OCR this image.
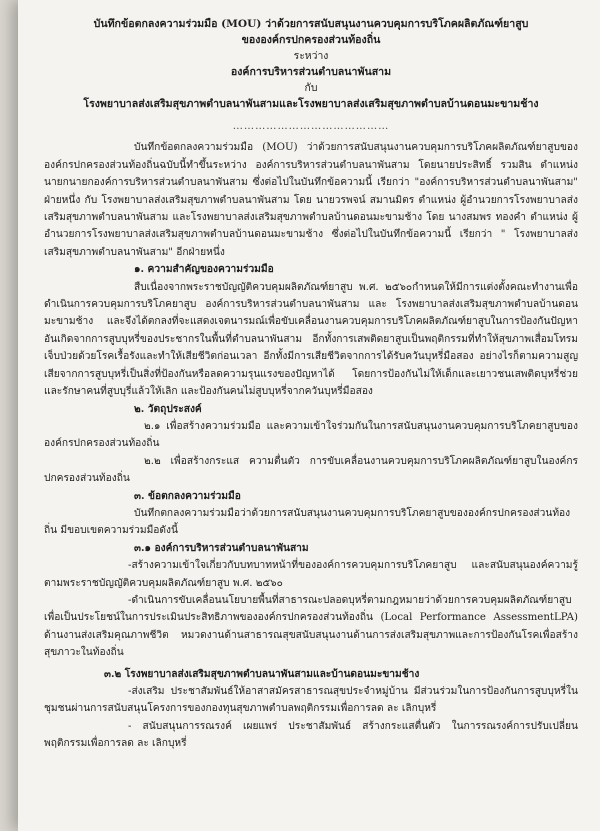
บันทึกข้อตกลงความร่วมมือ (MOU) ว่าด้วยการสนับสนุนงานควบคุมการบริโภคผลิตภัณฑ์ยาสูบ
ขององค์กรปกครองส่วนท้องถิ่น
ระหว่าง
องค์การบริหารส่วนตำบลนาพันสาม
กับ
โรงพยาบาลส่งเสริมสุขภาพตำบลนาพันสามและโรงพยาบาลส่งเสริมสุขภาพตำบลบ้านดอนมะขามช้าง
……………………………………

บันทึกข้อตกลงความร่วมมือ (MOU) ว่าด้วยการสนับสนุนงานควบคุมการบริโภคผลิตภัณฑ์ยาสูบขององค์กรปกครองส่วนท้องถิ่นฉบับนี้ทำขึ้นระหว่าง องค์การบริหารส่วนตำบลนาพันสาม โดยนายประสิทธิ์ รวมสิน ตำแหน่ง นายกนายกองค์การบริหารส่วนตำบลนาพันสาม ซึ่งต่อไปในบันทึกข้อความนี้ เรียกว่า "องค์การบริหารส่วนตำบลนาพันสาม" ฝ่ายหนึ่ง กับ โรงพยาบาลส่งเสริมสุขภาพตำบลนาพันสาม โดย นายวรพจน์ สมานมิตร ตำแหน่ง ผู้อำนวยการโรงพยาบาลส่งเสริมสุขภาพตำบลนาพันสาม และโรงพยาบาลส่งเสริมสุขภาพตำบลบ้านดอนมะขามช้าง โดย นางสมพร ทองคำ ตำแหน่ง ผู้อำนวยการโรงพยาบาลส่งเสริมสุขภาพตำบลบ้านดอนมะขามช้าง ซึ่งต่อไปในบันทึกข้อความนี้ เรียกว่า " โรงพยาบาลส่งเสริมสุขภาพตำบลนาพันสาม" อีกฝ่ายหนึ่ง

๑. ความสำคัญของความร่วมมือ

สืบเนื่องจากพระราชบัญญัติควบคุมผลิตภัณฑ์ยาสูบ พ.ศ. ๒๕๖๐กำหนดให้มีการแต่งตั้งคณะทำงานเพื่อดำเนินการควบคุมการบริโภคยาสูบ องค์การบริหารส่วนตำบลนาพันสาม และ โรงพยาบาลส่งเสริมสุขภาพตำบลบ้านดอนมะขามช้าง และจึงได้ตกลงที่จะแสดงเจตนารมณ์เพื่อขับเคลื่อนงานควบคุมการบริโภคผลิตภัณฑ์ยาสูบในการป้องกันปัญหาอันเกิดจากการสูบบุหรี่ของประชากรในพื้นที่ตำบลนาพันสาม อีกทั้งการเสพติดยาสูบเป็นพฤติกรรมที่ทำให้สุขภาพเสื่อมโทรม เจ็บป่วยด้วยโรคเรื้อรังและทำให้เสียชีวิตก่อนเวลา อีกทั้งมีการเสียชีวิตจากการได้รับควันบุหรี่มือสอง อย่างไรก็ตามความสูญเสียจากการสูบบุหรี่เป็นสิ่งที่ป้องกันหรือลดความรุนแรงของปัญหาได้ โดยการป้องกันไม่ให้เด็กและเยาวชนเสพติดบุหรี่ช่วยและรักษาคนที่สูบบุรี่แล้วให้เลิก และป้องกันคนไม่สูบบุหรี่จากควันบุหรี่มือสอง

๒. วัตถุประสงค์

๒.๑ เพื่อสร้างความร่วมมือ และความเข้าใจร่วมกันในการสนับสนุนงานควบคุมการบริโภคยาสูบขององค์กรปกครองส่วนท้องถิ่น

๒.๒ เพื่อสร้างกระแส ความตื่นตัว การขับเคลื่อนงานควบคุมการบริโภคผลิตภัณฑ์ยาสูบในองค์กรปกครองส่วนท้องถิ่น

๓. ข้อตกลงความร่วมมือ

บันทึกตกลงความร่วมมือว่าด้วยการสนับสนุนงานควบคุมการบริโภคยาสูบขององค์กรปกครองส่วนท้องถิ่น มีขอบเขตความร่วมมือดังนี้

๓.๑ องค์การบริหารส่วนตำบลนาพันสาม

-สร้างความเข้าใจเกี่ยวกับบทบาทหน้าที่ขององค์การควบคุมการบริโภคยาสูบ และสนับสนุนองค์ความรู้ตามพระราชบัญญัติควบคุมผลิตภัณฑ์ยาสูบ พ.ศ. ๒๕๖๐

-ดำเนินการขับเคลื่อนนโยบายพื้นที่สาธารณะปลอดบุหรี่ตามกฎหมายว่าด้วยการควบคุมผลิตภัณฑ์ยาสูบ เพื่อเป็นประโยชน์ในการประเมินประสิทธิภาพขององค์กรปกครองส่วนท้องถิ่น (Local Performance AssessmentLPA) ด้านงานส่งเสริมคุณภาพชีวิต หมวดงานด้านสาธารณสุขสนับสนุนงานด้านการส่งเสริมสุขภาพและการป้องกันโรคเพื่อสร้างสุขภาวะในท้องถิ่น

๓.๒ โรงพยาบาลส่งเสริมสุขภาพตำบลนาพันสามและบ้านดอนมะขามช้าง

-ส่งเสริม ประชาสัมพันธ์ให้อาสาสมัครสาธารณสุขประจำหมู่บ้าน มีส่วนร่วมในการป้องกันการสูบบุหรี่ในชุมชนผ่านการสนับสนุนโครงการของกองทุนสุขภาพตำบลพฤติกรรมเพื่อการลด ละ เลิกบุหรี่

- สนับสนุนการรณรงค์ เผยแพร่ ประชาสัมพันธ์ สร้างกระแสตื่นตัว ในการรณรงค์การปรับเปลี่ยนพฤติกรรมเพื่อการลด ละ เลิกบุหรี่
